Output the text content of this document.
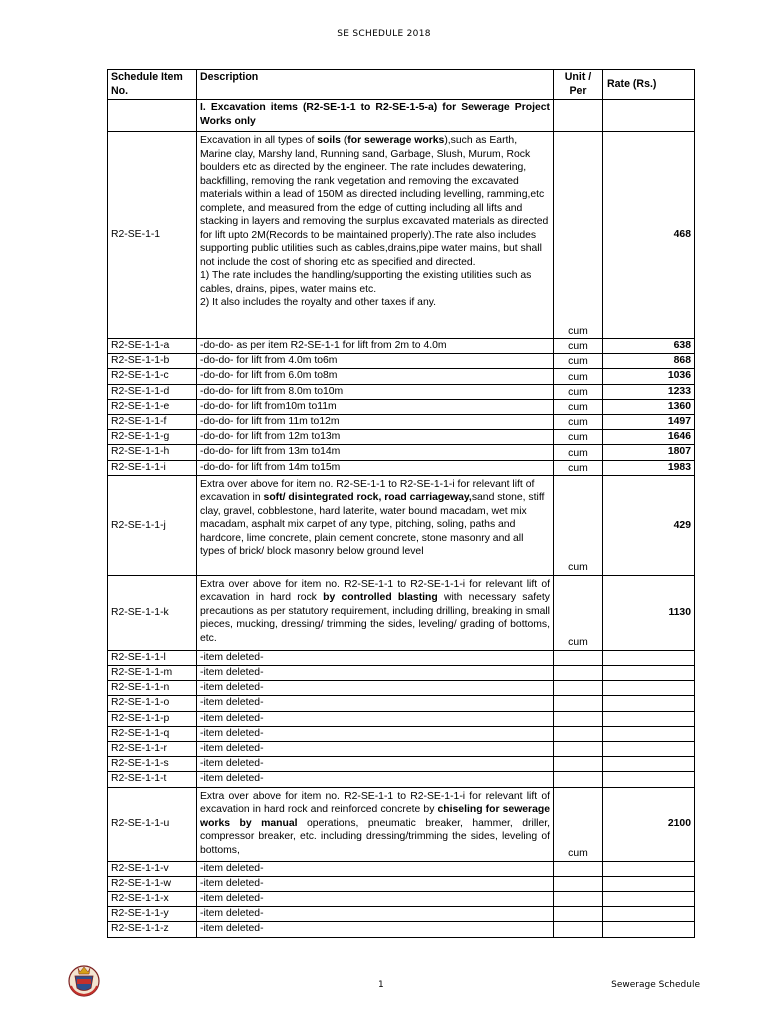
SE SCHEDULE 2018
Schedule Item No.	Description	Unit / Per	Rate (Rs.)
	I. Excavation items (R2-SE-1-1 to R2-SE-1-5-a) for Sewerage Project Works only		
R2-SE-1-1	Excavation in all types of soils (for sewerage works),such as Earth, Marine clay, Marshy land, Running sand, Garbage, Slush, Murum, Rock boulders etc as directed by the engineer. The rate includes dewatering, backfilling, removing the rank vegetation and removing the excavated materials within a lead of 150M as directed including levelling, ramming,etc complete, and measured from the edge of cutting including all lifts and stacking in layers and removing the surplus excavated materials as directed for lift upto 2M(Records to be maintained properly).The rate also includes supporting public utilities such as cables,drains,pipe water mains, but shall not include the cost of shoring etc as specified and directed.
1) The rate includes the handling/supporting the existing utilities such as cables, drains, pipes, water mains etc.
2) It also includes the royalty and other taxes if any.	cum	468
R2-SE-1-1-a	-do-do- as per item R2-SE-1-1 for lift from 2m to 4.0m	cum	638
R2-SE-1-1-b	-do-do- for lift from 4.0m to6m	cum	868
R2-SE-1-1-c	-do-do- for lift from 6.0m to8m	cum	1036
R2-SE-1-1-d	-do-do- for lift from 8.0m to10m	cum	1233
R2-SE-1-1-e	-do-do- for lift from10m to11m	cum	1360
R2-SE-1-1-f	-do-do- for lift from 11m to12m	cum	1497
R2-SE-1-1-g	-do-do- for lift from 12m to13m	cum	1646
R2-SE-1-1-h	-do-do- for lift from 13m to14m	cum	1807
R2-SE-1-1-i	-do-do- for lift from 14m to15m	cum	1983
R2-SE-1-1-j	Extra over above for item no. R2-SE-1-1 to R2-SE-1-1-i for relevant lift of excavation in soft/ disintegrated rock, road carriageway,sand stone, stiff clay, gravel, cobblestone, hard laterite, water bound macadam, wet mix macadam, asphalt mix carpet of any type, pitching, soling, paths and hardcore, lime concrete, plain cement concrete, stone masonry and all types of brick/ block masonry below ground level	cum	429
R2-SE-1-1-k	Extra over above for item no. R2-SE-1-1 to R2-SE-1-1-i for relevant lift of excavation in hard rock by controlled blasting with necessary safety precautions as per statutory requirement, including drilling, breaking in small pieces, mucking, dressing/ trimming the sides, leveling/ grading of bottoms, etc.	cum	1130
R2-SE-1-1-l	-item deleted-		
R2-SE-1-1-m	-item deleted-		
R2-SE-1-1-n	-item deleted-		
R2-SE-1-1-o	-item deleted-		
R2-SE-1-1-p	-item deleted-		
R2-SE-1-1-q	-item deleted-		
R2-SE-1-1-r	-item deleted-		
R2-SE-1-1-s	-item deleted-		
R2-SE-1-1-t	-item deleted-		
R2-SE-1-1-u	Extra over above for item no. R2-SE-1-1 to R2-SE-1-1-i for relevant lift of excavation in hard rock and reinforced concrete by chiseling for sewerage works by manual operations, pneumatic breaker, hammer, driller, compressor breaker, etc. including dressing/trimming the sides, leveling of bottoms,	cum	2100
R2-SE-1-1-v	-item deleted-		
R2-SE-1-1-w	-item deleted-		
R2-SE-1-1-x	-item deleted-		
R2-SE-1-1-y	-item deleted-		
R2-SE-1-1-z	-item deleted-		
1	Sewerage Schedule
